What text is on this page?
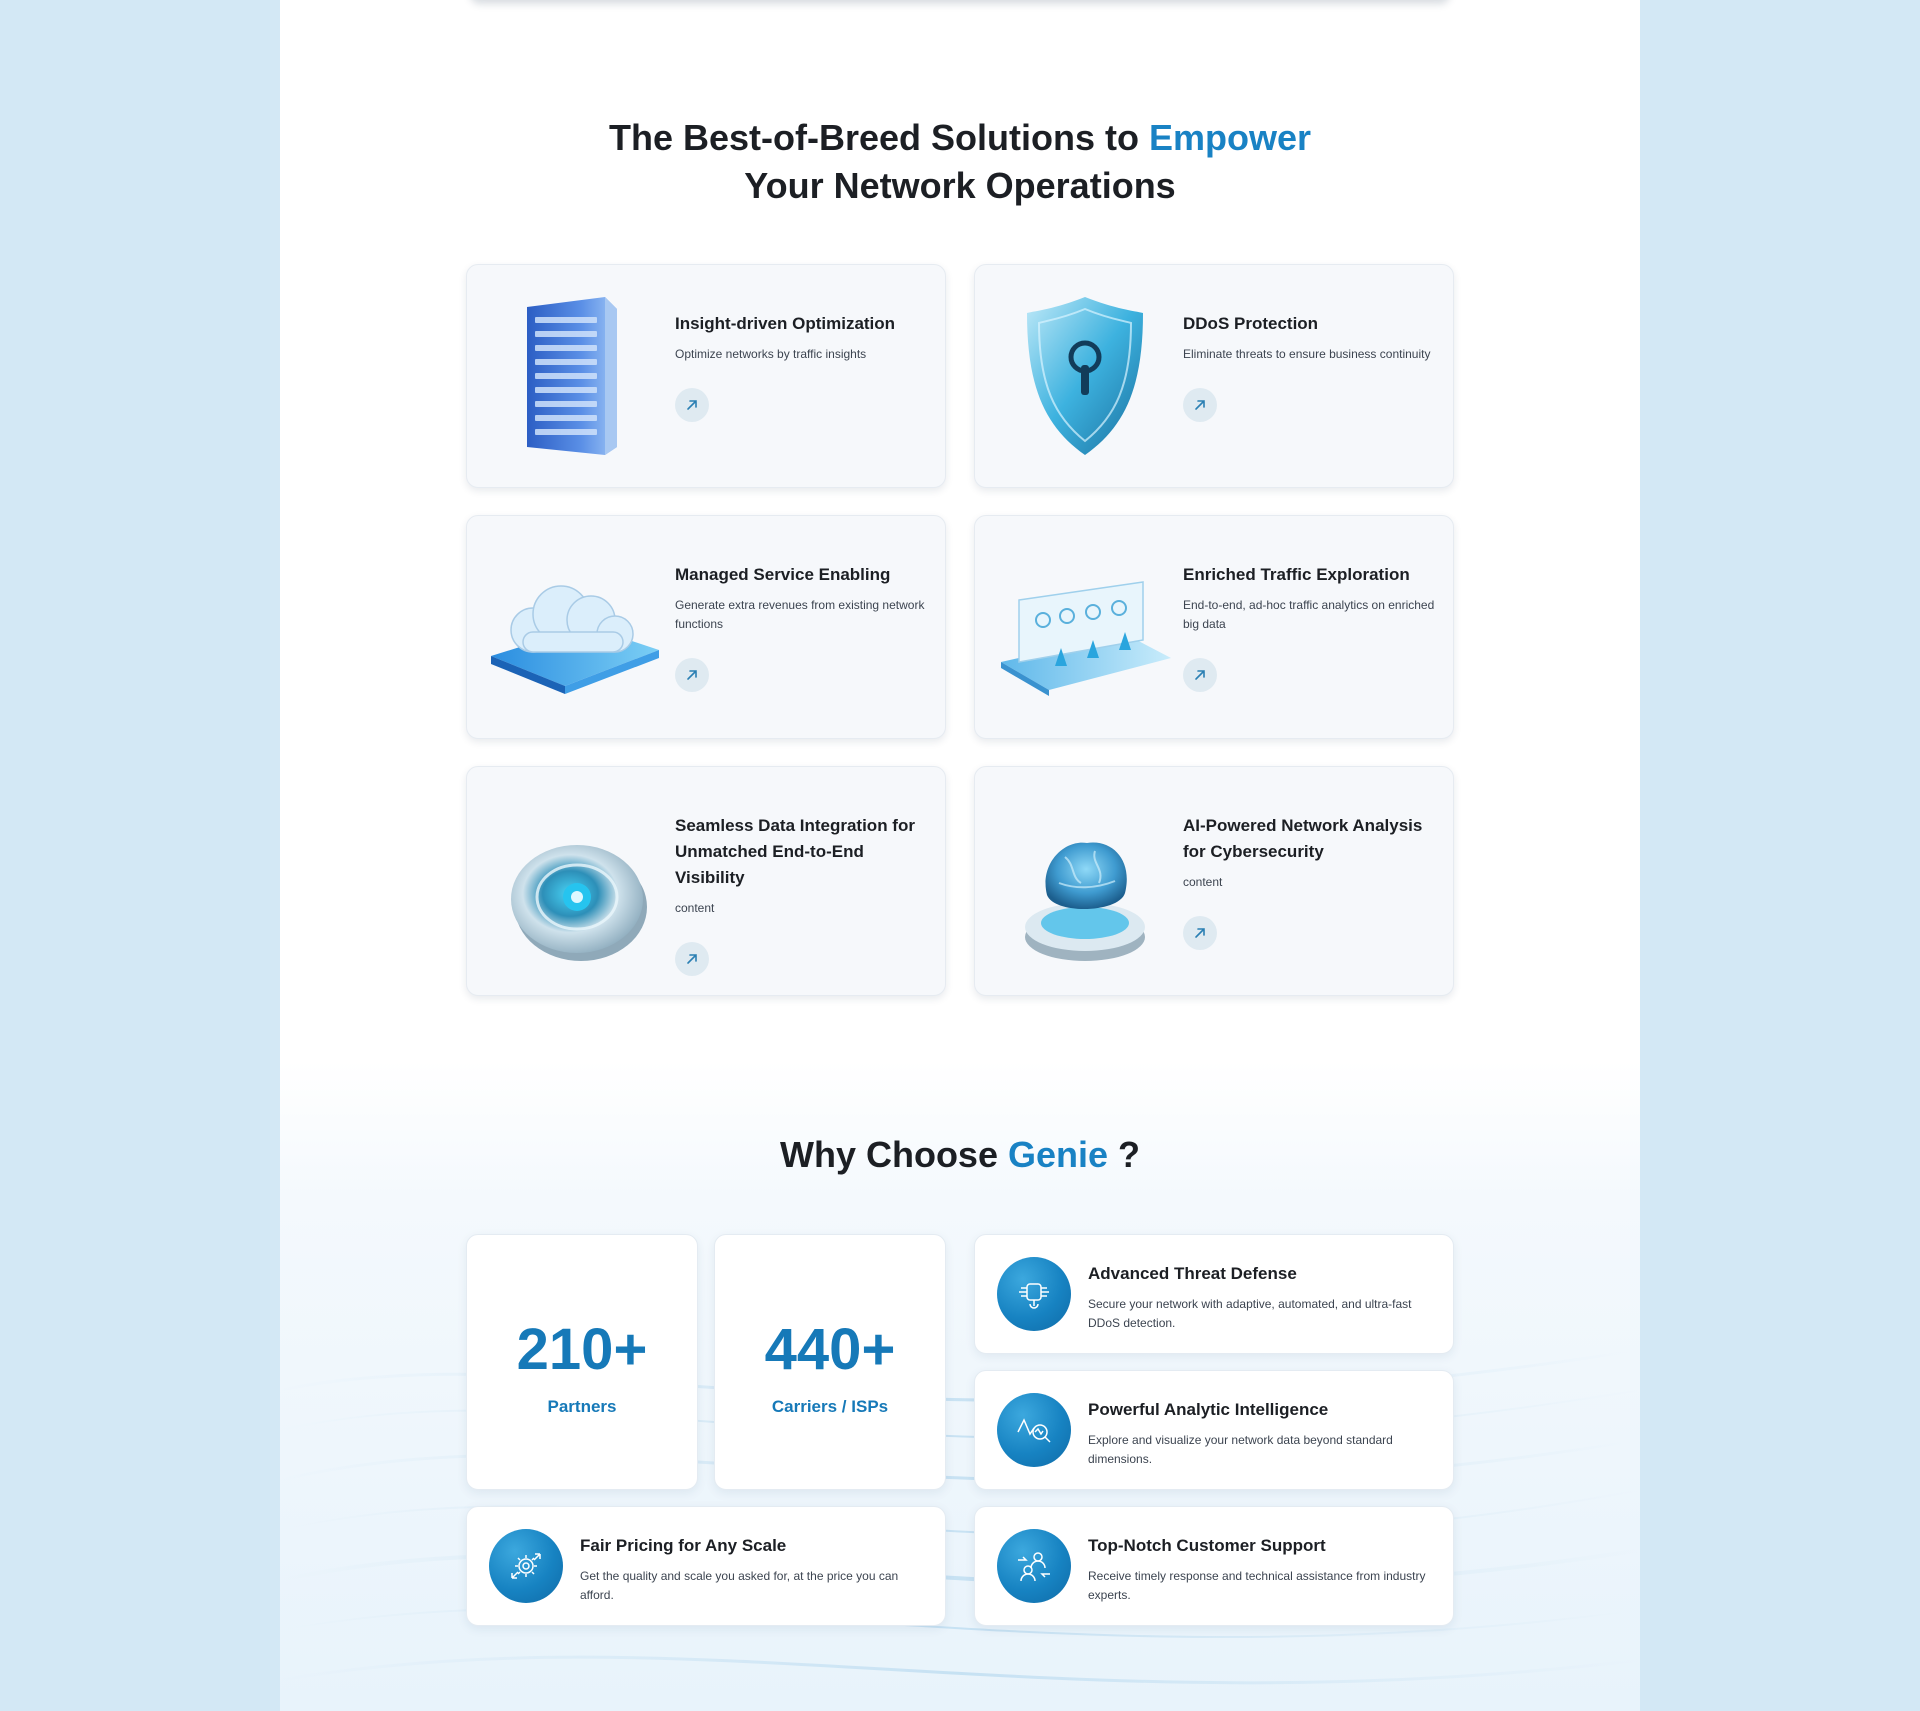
The Best-of-Breed Solutions to Empower
Your Network Operations
Insight-driven Optimization
Optimize networks by traffic insights
DDoS Protection
Eliminate threats to ensure business continuity
Managed Service Enabling
Generate extra revenues from existing network functions
Enriched Traffic Exploration
End-to-end, ad-hoc traffic analytics on enriched big data
Seamless Data Integration for Unmatched End-to-End Visibility
content
AI-Powered Network Analysis for Cybersecurity
content
Why Choose Genie ?
210+
Partners
440+
Carriers / ISPs
Advanced Threat Defense
Secure your network with adaptive, automated, and ultra-fast DDoS detection.
Powerful Analytic Intelligence
Explore and visualize your network data beyond standard dimensions.
Fair Pricing for Any Scale
Get the quality and scale you asked for, at the price you can afford.
Top-Notch Customer Support
Receive timely response and technical assistance from industry experts.
